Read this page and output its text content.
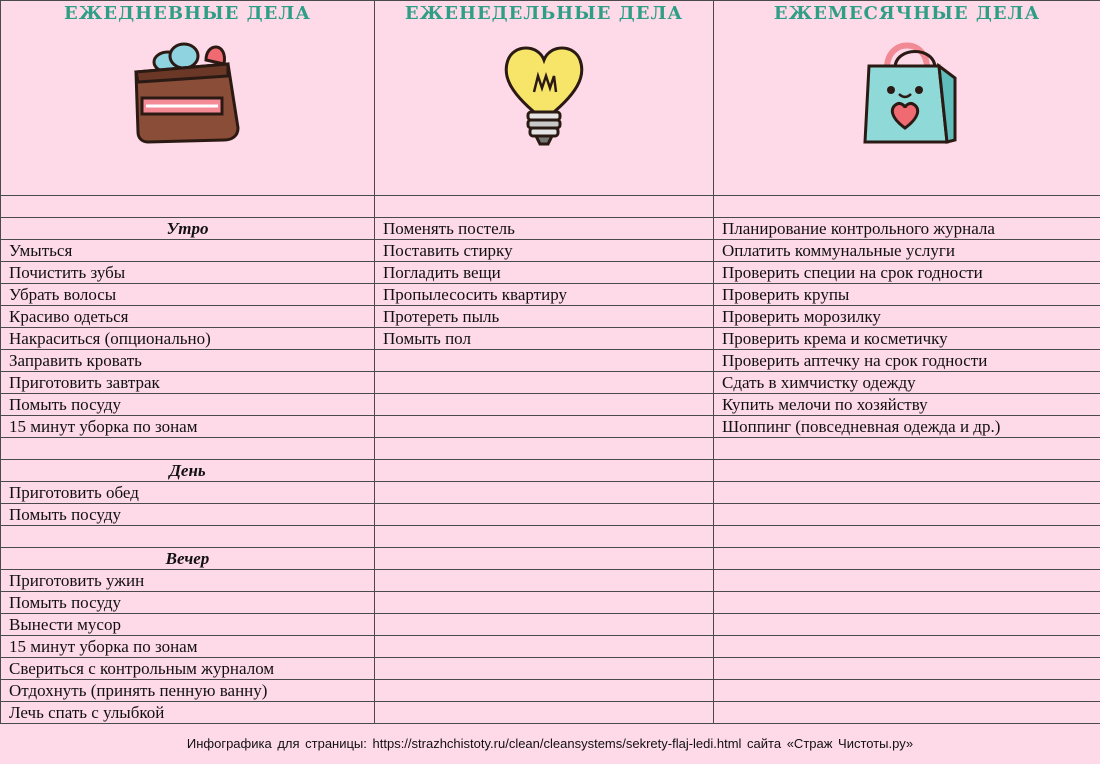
ЕЖЕДНЕВНЫЕ ДЕЛА	ЕЖЕНЕДЕЛЬНЫЕ ДЕЛА	ЕЖЕМЕСЯЧНЫЕ ДЕЛА

Утро	Поменять постель	Планирование контрольного журнала
Умыться	Поставить стирку	Оплатить коммунальные услуги
Почистить зубы	Погладить вещи	Проверить специи на срок годности
Убрать волосы	Пропылесосить квартиру	Проверить крупы
Красиво одеться	Протереть пыль	Проверить морозилку
Накраситься (опционально)	Помыть пол	Проверить крема и косметичку
Заправить кровать		Проверить аптечку на срок годности
Приготовить завтрак		Сдать в химчистку одежду
Помыть посуду		Купить мелочи по хозяйству
15 минут уборка по зонам		Шоппинг (повседневная одежда и др.)

День		
Приготовить обед		
Помыть посуду		

Вечер		
Приготовить ужин		
Помыть посуду		
Вынести мусор		
15 минут уборка по зонам		
Свериться с контрольным журналом		
Отдохнуть (принять пенную ванну)		
Лечь спать с улыбкой		
Инфографика для страницы: https://strazhchistoty.ru/clean/cleansystems/sekrety-flaj-ledi.html сайта «Страж Чистоты.ру»
